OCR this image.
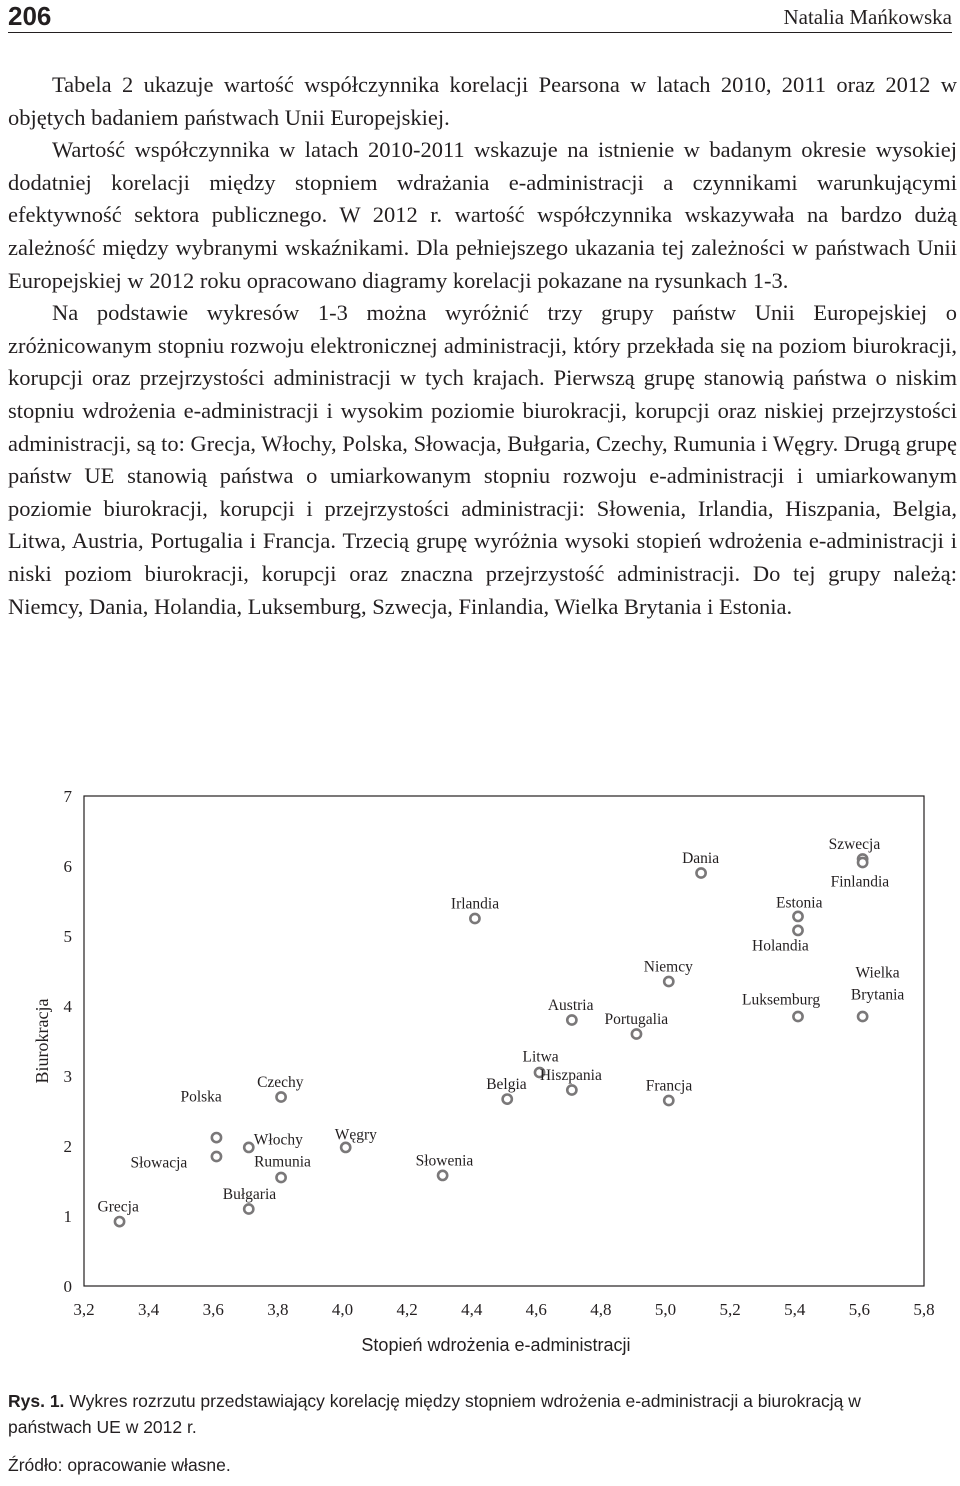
206	Natalia Mańkowska

Tabela 2 ukazuje wartość współczynnika korelacji Pearsona w latach 2010, 2011 oraz 2012 w objętych badaniem państwach Unii Europejskiej.

Wartość współczynnika w latach 2010-2011 wskazuje na istnienie w badanym okresie wysokiej dodatniej korelacji między stopniem wdrażania e-administracji a czynnikami warunkującymi efektywność sektora publicznego. W 2012 r. wartość współczynnika wskazywała na bardzo dużą zależność między wybranymi wskaźnikami. Dla pełniejszego ukazania tej zależności w państwach Unii Europejskiej w 2012 roku opracowano diagramy korelacji pokazane na rysunkach 1-3.

Na podstawie wykresów 1-3 można wyróżnić trzy grupy państw Unii Europejskiej o zróżnicowanym stopniu rozwoju elektronicznej administracji, który przekłada się na poziom biurokracji, korupcji oraz przejrzystości administracji w tych krajach. Pierwszą grupę stanowią państwa o niskim stopniu wdrożenia e-administracji i wysokim poziomie biurokracji, korupcji oraz niskiej przejrzystości administracji, są to: Grecja, Włochy, Polska, Słowacja, Bułgaria, Czechy, Rumunia i Węgry. Drugą grupę państw UE stanowią państwa o umiarkowanym stopniu rozwoju e-administracji i umiarkowanym poziomie biurokracji, korupcji i przejrzystości administracji: Słowenia, Irlandia, Hiszpania, Belgia, Litwa, Austria, Portugalia i Francja. Trzecią grupę wyróżnia wysoki stopień wdrożenia e-administracji i niski poziom biurokracji, korupcji oraz znaczna przejrzystość administracji. Do tej grupy należą: Niemcy, Dania, Holandia, Luksemburg, Szwecja, Finlandia, Wielka Brytania i Estonia.

3,2	3,4	3,6	3,8	4,0	4,2	4,4	4,6	4,8	5,0	5,2	5,4	5,6	5,8
0
1
2
3
4
5
6
7
Grecja
Polska
Słowacja
Włochy
Rumunia
Bułgaria
Czechy
Węgry
Słowenia
Irlandia
Belgia
Litwa
Hiszpania
Austria
Portugalia
Niemcy
Francja
Dania
Estonia
Holandia
Luksemburg
Szwecja
Finlandia
Wielka Brytania
Biurokracja
Stopień wdrożenia e-administracji
Rys. 1. Wykres rozrzutu przedstawiający korelację między stopniem wdrożenia e-administracji a biurokracją w państwach UE w 2012 r.
Źródło: opracowanie własne.
